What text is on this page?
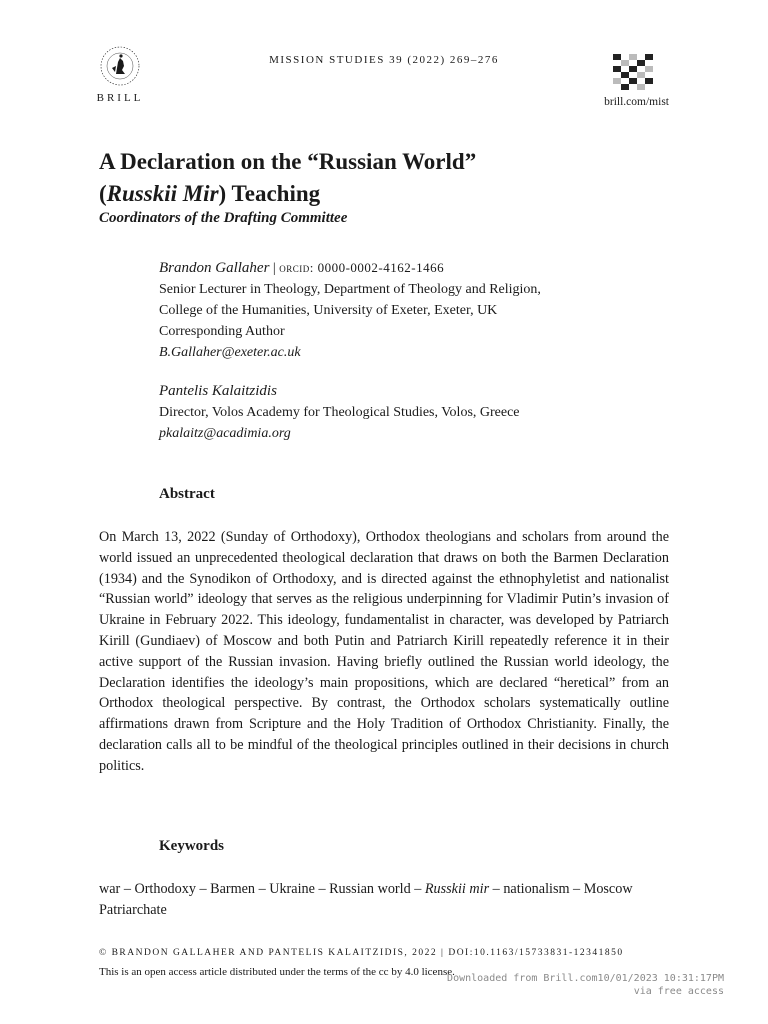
BRILL
MISSION STUDIES 39 (2022) 269–276
brill.com/mist
A Declaration on the “Russian World”
(Russkii Mir) Teaching
Coordinators of the Drafting Committee
Brandon Gallaher | orcid: 0000-0002-4162-1466
Senior Lecturer in Theology, Department of Theology and Religion,
College of the Humanities, University of Exeter, Exeter, UK
Corresponding Author
B.Gallaher@exeter.ac.uk
Pantelis Kalaitzidis
Director, Volos Academy for Theological Studies, Volos, Greece
pkalaitz@acadimia.org
Abstract
On March 13, 2022 (Sunday of Orthodoxy), Orthodox theologians and scholars from around the world issued an unprecedented theological declaration that draws on both the Barmen Declaration (1934) and the Synodikon of Orthodoxy, and is directed against the ethnophyletist and nationalist “Russian world” ideology that serves as the religious underpinning for Vladimir Putin’s invasion of Ukraine in February 2022. This ideology, fundamentalist in character, was developed by Patriarch Kirill (Gundiaev) of Moscow and both Putin and Patriarch Kirill repeatedly reference it in their active support of the Russian invasion. Having briefly outlined the Russian world ideology, the Declaration identifies the ideology’s main propositions, which are declared “heretical” from an Orthodox theological perspective. By contrast, the Orthodox scholars systematically outline affirmations drawn from Scripture and the Holy Tradition of Orthodox Christianity. Finally, the declaration calls all to be mindful of the theological principles outlined in their decisions in church politics.
Keywords
war – Orthodoxy – Barmen – Ukraine – Russian world – Russkii mir – nationalism – Moscow Patriarchate
© BRANDON GALLAHER AND PANTELIS KALAITZIDIS, 2022 | DOI:10.1163/15733831-12341850
This is an open access article distributed under the terms of the cc by 4.0 license.
Downloaded from Brill.com10/01/2023 10:31:17PM
via free access
